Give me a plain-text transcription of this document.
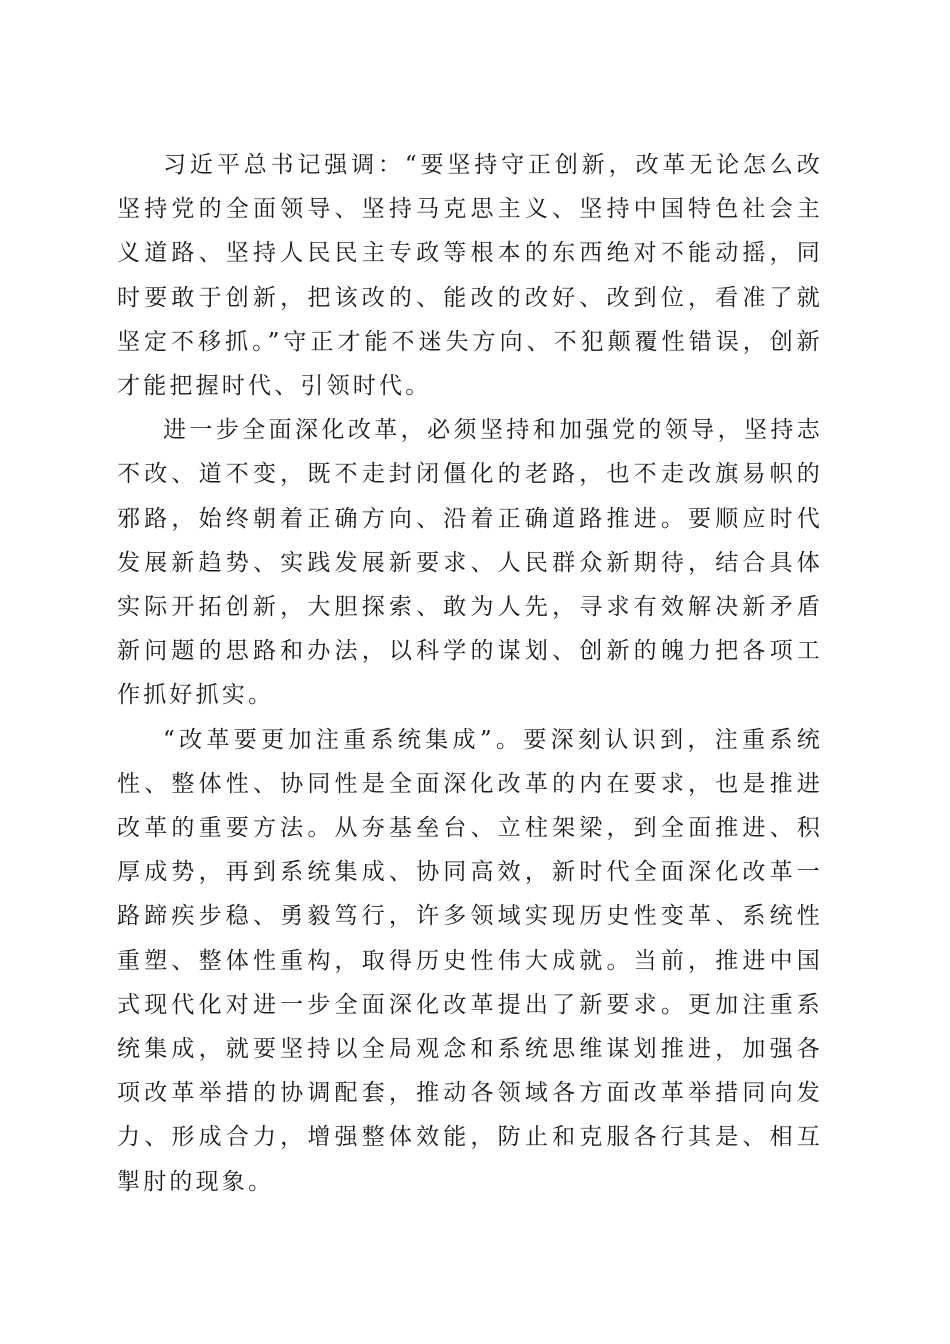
习近平总书记强调：“要坚持守正创新，改革无论怎么改坚持党的全面领导、坚持马克思主义、坚持中国特色社会主义道路、坚持人民民主专政等根本的东西绝对不能动摇，同时要敢于创新，把该改的、能改的改好、改到位，看准了就坚定不移抓。”守正才能不迷失方向、不犯颠覆性错误，创新才能把握时代、引领时代。

进一步全面深化改革，必须坚持和加强党的领导，坚持志不改、道不变，既不走封闭僵化的老路，也不走改旗易帜的邪路，始终朝着正确方向、沿着正确道路推进。要顺应时代发展新趋势、实践发展新要求、人民群众新期待，结合具体实际开拓创新，大胆探索、敢为人先，寻求有效解决新矛盾新问题的思路和办法，以科学的谋划、创新的魄力把各项工作抓好抓实。

“改革要更加注重系统集成”。要深刻认识到，注重系统性、整体性、协同性是全面深化改革的内在要求，也是推进改革的重要方法。从夯基垒台、立柱架梁，到全面推进、积厚成势，再到系统集成、协同高效，新时代全面深化改革一路蹄疾步稳、勇毅笃行，许多领域实现历史性变革、系统性重塑、整体性重构，取得历史性伟大成就。当前，推进中国式现代化对进一步全面深化改革提出了新要求。更加注重系统集成，就要坚持以全局观念和系统思维谋划推进，加强各项改革举措的协调配套，推动各领域各方面改革举措同向发力、形成合力，增强整体效能，防止和克服各行其是、相互掣肘的现象。
